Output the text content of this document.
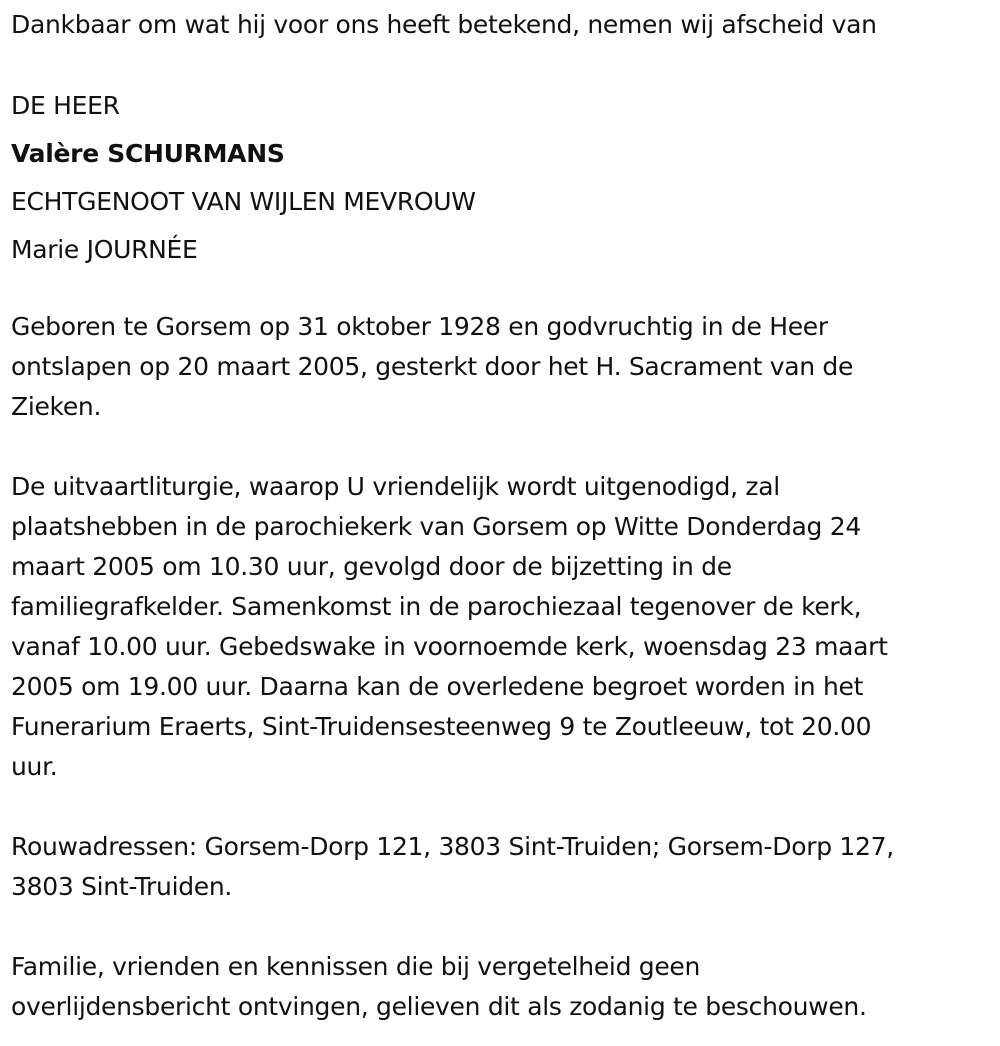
Dankbaar om wat hij voor ons heeft betekend, nemen wij afscheid van

DE HEER

Valère SCHURMANS

ECHTGENOOT VAN WIJLEN MEVROUW

Marie JOURNÉE

Geboren te Gorsem op 31 oktober 1928 en godvruchtig in de Heer
ontslapen op 20 maart 2005, gesterkt door het H. Sacrament van de
Zieken.

De uitvaartliturgie, waarop U vriendelijk wordt uitgenodigd, zal
plaatshebben in de parochiekerk van Gorsem op Witte Donderdag 24
maart 2005 om 10.30 uur, gevolgd door de bijzetting in de
familiegrafkelder. Samenkomst in de parochiezaal tegenover de kerk,
vanaf 10.00 uur. Gebedswake in voornoemde kerk, woensdag 23 maart
2005 om 19.00 uur. Daarna kan de overledene begroet worden in het
Funerarium Eraerts, Sint-Truidensesteenweg 9 te Zoutleeuw, tot 20.00
uur.

Rouwadressen: Gorsem-Dorp 121, 3803 Sint-Truiden; Gorsem-Dorp 127,
3803 Sint-Truiden.

Familie, vrienden en kennissen die bij vergetelheid geen
overlijdensbericht ontvingen, gelieven dit als zodanig te beschouwen.
